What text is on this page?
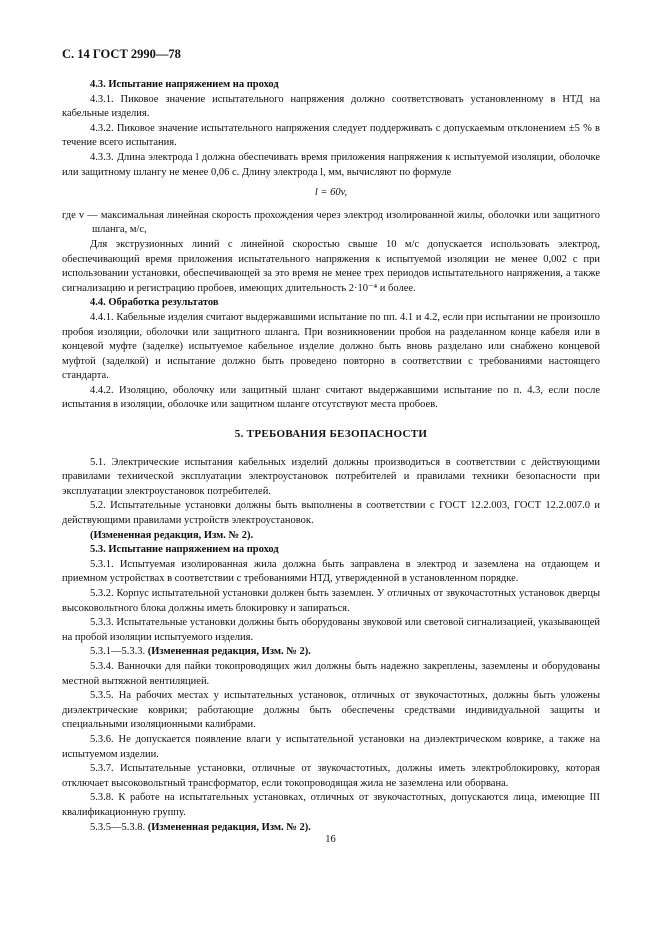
С. 14 ГОСТ 2990—78
4.3. Испытание напряжением на проход
4.3.1. Пиковое значение испытательного напряжения должно соответствовать установленному в НТД на кабельные изделия.
4.3.2. Пиковое значение испытательного напряжения следует поддерживать с допускаемым отклонением ±5 % в течение всего испытания.
4.3.3. Длина электрода l должна обеспечивать время приложения напряжения к испытуемой изоляции, оболочке или защитному шлангу не менее 0,06 с. Длину электрода l, мм, вычисляют по формуле
l = 60v,
где v — максимальная линейная скорость прохождения через электрод изолированной жилы, оболочки или защитного шланга, м/с,
Для экструзионных линий с линейной скоростью свыше 10 м/с допускается использовать электрод, обеспечивающий время приложения испытательного напряжения к испытуемой изоляции не менее 0,002 с при использовании установки, обеспечивающей за это время не менее трех периодов испытательного напряжения, а также сигнализацию и регистрацию пробоев, имеющих длительность 2·10⁻⁴ и более.
4.4. Обработка результатов
4.4.1. Кабельные изделия считают выдержавшими испытание по пп. 4.1 и 4.2, если при испытании не произошло пробоя изоляции, оболочки или защитного шланга. При возникновении пробоя на разделанном конце кабеля или в концевой муфте (заделке) испытуемое кабельное изделие должно быть вновь разделано или снабжено концевой муфтой (заделкой) и испытание должно быть проведено повторно в соответствии с требованиями настоящего стандарта.
4.4.2. Изоляцию, оболочку или защитный шланг считают выдержавшими испытание по п. 4.3, если после испытания в изоляции, оболочке или защитном шланге отсутствуют места пробоев.
5. ТРЕБОВАНИЯ БЕЗОПАСНОСТИ
5.1. Электрические испытания кабельных изделий должны производиться в соответствии с действующими правилами технической эксплуатации электроустановок потребителей и правилами техники безопасности при эксплуатации электроустановок потребителей.
5.2. Испытательные установки должны быть выполнены в соответствии с ГОСТ 12.2.003, ГОСТ 12.2.007.0 и действующими правилами устройств электроустановок.
(Измененная редакция, Изм. № 2).
5.3. Испытание напряжением на проход
5.3.1. Испытуемая изолированная жила должна быть заправлена в электрод и заземлена на отдающем и приемном устройствах в соответствии с требованиями НТД, утвержденной в установленном порядке.
5.3.2. Корпус испытательной установки должен быть заземлен. У отличных от звукочастотных установок дверцы высоковольтного блока должны иметь блокировку и запираться.
5.3.3. Испытательные установки должны быть оборудованы звуковой или световой сигнализацией, указывающей на пробой изоляции испытуемого изделия.
5.3.1—5.3.3. (Измененная редакция, Изм. № 2).
5.3.4. Ванночки для пайки токопроводящих жил должны быть надежно закреплены, заземлены и оборудованы местной вытяжной вентиляцией.
5.3.5. На рабочих местах у испытательных установок, отличных от звукочастотных, должны быть уложены диэлектрические коврики; работающие должны быть обеспечены средствами индивидуальной защиты и специальными изоляционными калибрами.
5.3.6. Не допускается появление влаги у испытательной установки на диэлектрическом коврике, а также на испытуемом изделии.
5.3.7. Испытательные установки, отличные от звукочастотных, должны иметь электроблокировку, которая отключает высоковольтный трансформатор, если токопроводящая жила не заземлена или оборвана.
5.3.8. К работе на испытательных установках, отличных от звукочастотных, допускаются лица, имеющие III квалификационную группу.
5.3.5—5.3.8. (Измененная редакция, Изм. № 2).
16
